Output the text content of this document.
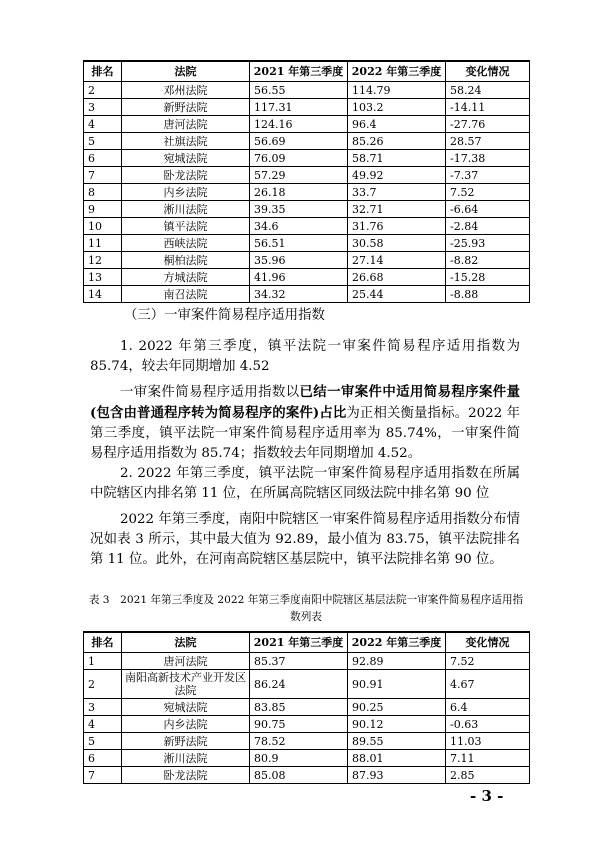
排名	法院	2021 年第三季度	2022 年第三季度	变化情况
2	邓州法院	56.55	114.79	58.24
3	新野法院	117.31	103.2	-14.11
4	唐河法院	124.16	96.4	-27.76
5	社旗法院	56.69	85.26	28.57
6	宛城法院	76.09	58.71	-17.38
7	卧龙法院	57.29	49.92	-7.37
8	内乡法院	26.18	33.7	7.52
9	淅川法院	39.35	32.71	-6.64
10	镇平法院	34.6	31.76	-2.84
11	西峡法院	56.51	30.58	-25.93
12	桐柏法院	35.96	27.14	-8.82
13	方城法院	41.96	26.68	-15.28
14	南召法院	34.32	25.44	-8.88

（三）一审案件简易程序适用指数

1. 2022 年第三季度，镇平法院一审案件简易程序适用指数为 85.74，较去年同期增加 4.52

一审案件简易程序适用指数以已结一审案件中适用简易程序案件量(包含由普通程序转为简易程序的案件)占比为正相关衡量指标。2022 年第三季度，镇平法院一审案件简易程序适用率为 85.74%，一审案件简易程序适用指数为 85.74；指数较去年同期增加 4.52。

2. 2022 年第三季度，镇平法院一审案件简易程序适用指数在所属中院辖区内排名第 11 位，在所属高院辖区同级法院中排名第 90 位

2022 年第三季度，南阳中院辖区一审案件简易程序适用指数分布情况如表 3 所示，其中最大值为 92.89，最小值为 83.75，镇平法院排名第 11 位。此外，在河南高院辖区基层院中，镇平法院排名第 90 位。

表 3　2021 年第三季度及 2022 年第三季度南阳中院辖区基层法院一审案件简易程序适用指数列表

排名	法院	2021 年第三季度	2022 年第三季度	变化情况
1	唐河法院	85.37	92.89	7.52
2	南阳高新技术产业开发区法院	86.24	90.91	4.67
3	宛城法院	83.85	90.25	6.4
4	内乡法院	90.75	90.12	-0.63
5	新野法院	78.52	89.55	11.03
6	淅川法院	80.9	88.01	7.11
7	卧龙法院	85.08	87.93	2.85
- 3 -
